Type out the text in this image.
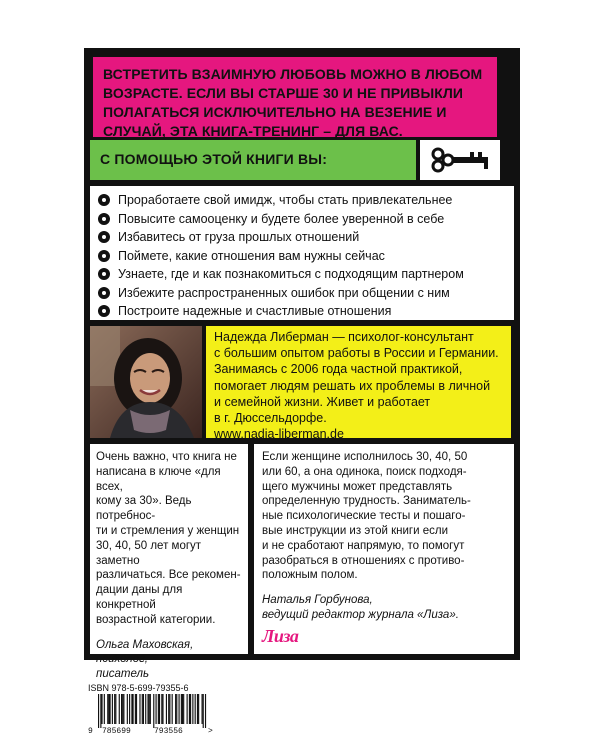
ВСТРЕТИТЬ ВЗАИМНУЮ ЛЮБОВЬ МОЖНО В ЛЮБОМ
ВОЗРАСТЕ. ЕСЛИ ВЫ СТАРШЕ 30 И НЕ ПРИВЫКЛИ
ПОЛАГАТЬСЯ ИСКЛЮЧИТЕЛЬНО НА ВЕЗЕНИЕ И
СЛУЧАЙ, ЭТА КНИГА-ТРЕНИНГ – ДЛЯ ВАС.

С ПОМОЩЬЮ ЭТОЙ КНИГИ ВЫ:
Проработаете свой имидж, чтобы стать привлекательнее
Повысите самооценку и будете более уверенной в себе
Избавитесь от груза прошлых отношений
Поймете, какие отношения вам нужны сейчас
Узнаете, где и как познакомиться с подходящим партнером
Избежите распространенных ошибок при общении с ним
Построите надежные и счастливые отношения

Надежда Либерман — психолог-консультант
с большим опытом работы в России и Германии.
Занимаясь с 2006 года частной практикой,
помогает людям решать их проблемы в личной
и семейной жизни. Живет и работает
в г. Дюссельдорфе.
www.nadja-liberman.de

Очень важно, что книга не
написана в ключе «для всех,
кому за 30». Ведь потребнос-
ти и стремления у женщин
30, 40, 50 лет могут заметно
различаться. Все рекомен-
дации даны для конкретной
возрастной категории.

Ольга Маховская, психолог,
писатель

Если женщине исполнилось 30, 40, 50
или 60, а она одинока, поиск подходя-
щего мужчины может представлять
определенную трудность. Заниматель-
ные психологические тесты и пошаго-
вые инструкции из этой книги если
и не сработают напрямую, то помогут
разобраться в отношениях с противо-
положным полом.

Наталья Горбунова,
ведущий редактор журнала «Лиза».

Лиза
ISBN 978-5-699-79355-6
9 785699	793556	>
